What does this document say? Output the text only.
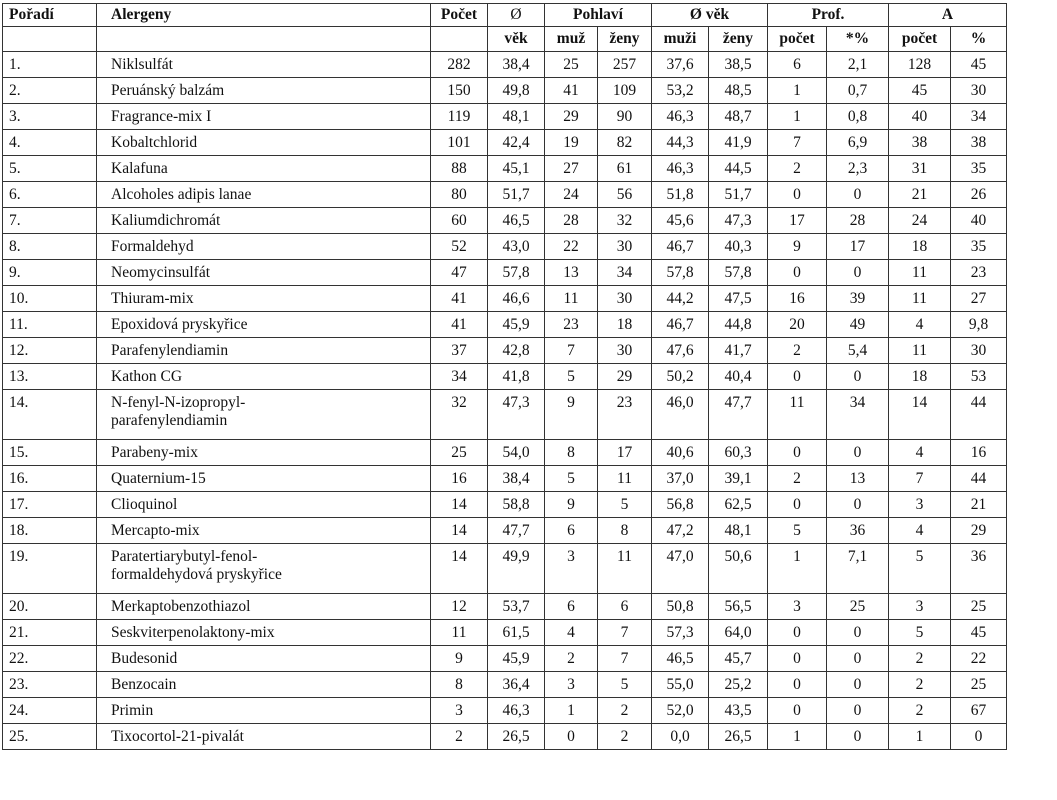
Pořadí	Alergeny	Počet	Ø	Pohlaví		Ø věk		Prof.		A	
			věk	muž	ženy	muži	ženy	počet	*%	počet	%
1.	Niklsulfát	282	38,4	25	257	37,6	38,5	6	2,1	128	45
2.	Peruánský balzám	150	49,8	41	109	53,2	48,5	1	0,7	45	30
3.	Fragrance-mix I	119	48,1	29	90	46,3	48,7	1	0,8	40	34
4.	Kobaltchlorid	101	42,4	19	82	44,3	41,9	7	6,9	38	38
5.	Kalafuna	88	45,1	27	61	46,3	44,5	2	2,3	31	35
6.	Alcoholes adipis lanae	80	51,7	24	56	51,8	51,7	0	0	21	26
7.	Kaliumdichromát	60	46,5	28	32	45,6	47,3	17	28	24	40
8.	Formaldehyd	52	43,0	22	30	46,7	40,3	9	17	18	35
9.	Neomycinsulfát	47	57,8	13	34	57,8	57,8	0	0	11	23
10.	Thiuram-mix	41	46,6	11	30	44,2	47,5	16	39	11	27
11.	Epoxidová pryskyřice	41	45,9	23	18	46,7	44,8	20	49	4	9,8
12.	Parafenylendiamin	37	42,8	7	30	47,6	41,7	2	5,4	11	30
13.	Kathon CG	34	41,8	5	29	50,2	40,4	0	0	18	53
14.	N-fenyl-N-izopropyl-
parafenylendiamin	32	47,3	9	23	46,0	47,7	11	34	14	44
15.	Parabeny-mix	25	54,0	8	17	40,6	60,3	0	0	4	16
16.	Quaternium-15	16	38,4	5	11	37,0	39,1	2	13	7	44
17.	Clioquinol	14	58,8	9	5	56,8	62,5	0	0	3	21
18.	Mercapto-mix	14	47,7	6	8	47,2	48,1	5	36	4	29
19.	Paratertiarybutyl-fenol-
formaldehydová pryskyřice	14	49,9	3	11	47,0	50,6	1	7,1	5	36
20.	Merkaptobenzothiazol	12	53,7	6	6	50,8	56,5	3	25	3	25
21.	Seskviterpenolaktony-mix	11	61,5	4	7	57,3	64,0	0	0	5	45
22.	Budesonid	9	45,9	2	7	46,5	45,7	0	0	2	22
23.	Benzocain	8	36,4	3	5	55,0	25,2	0	0	2	25
24.	Primin	3	46,3	1	2	52,0	43,5	0	0	2	67
25.	Tixocortol-21-pivalát	2	26,5	0	2	0,0	26,5	1	0	1	0
